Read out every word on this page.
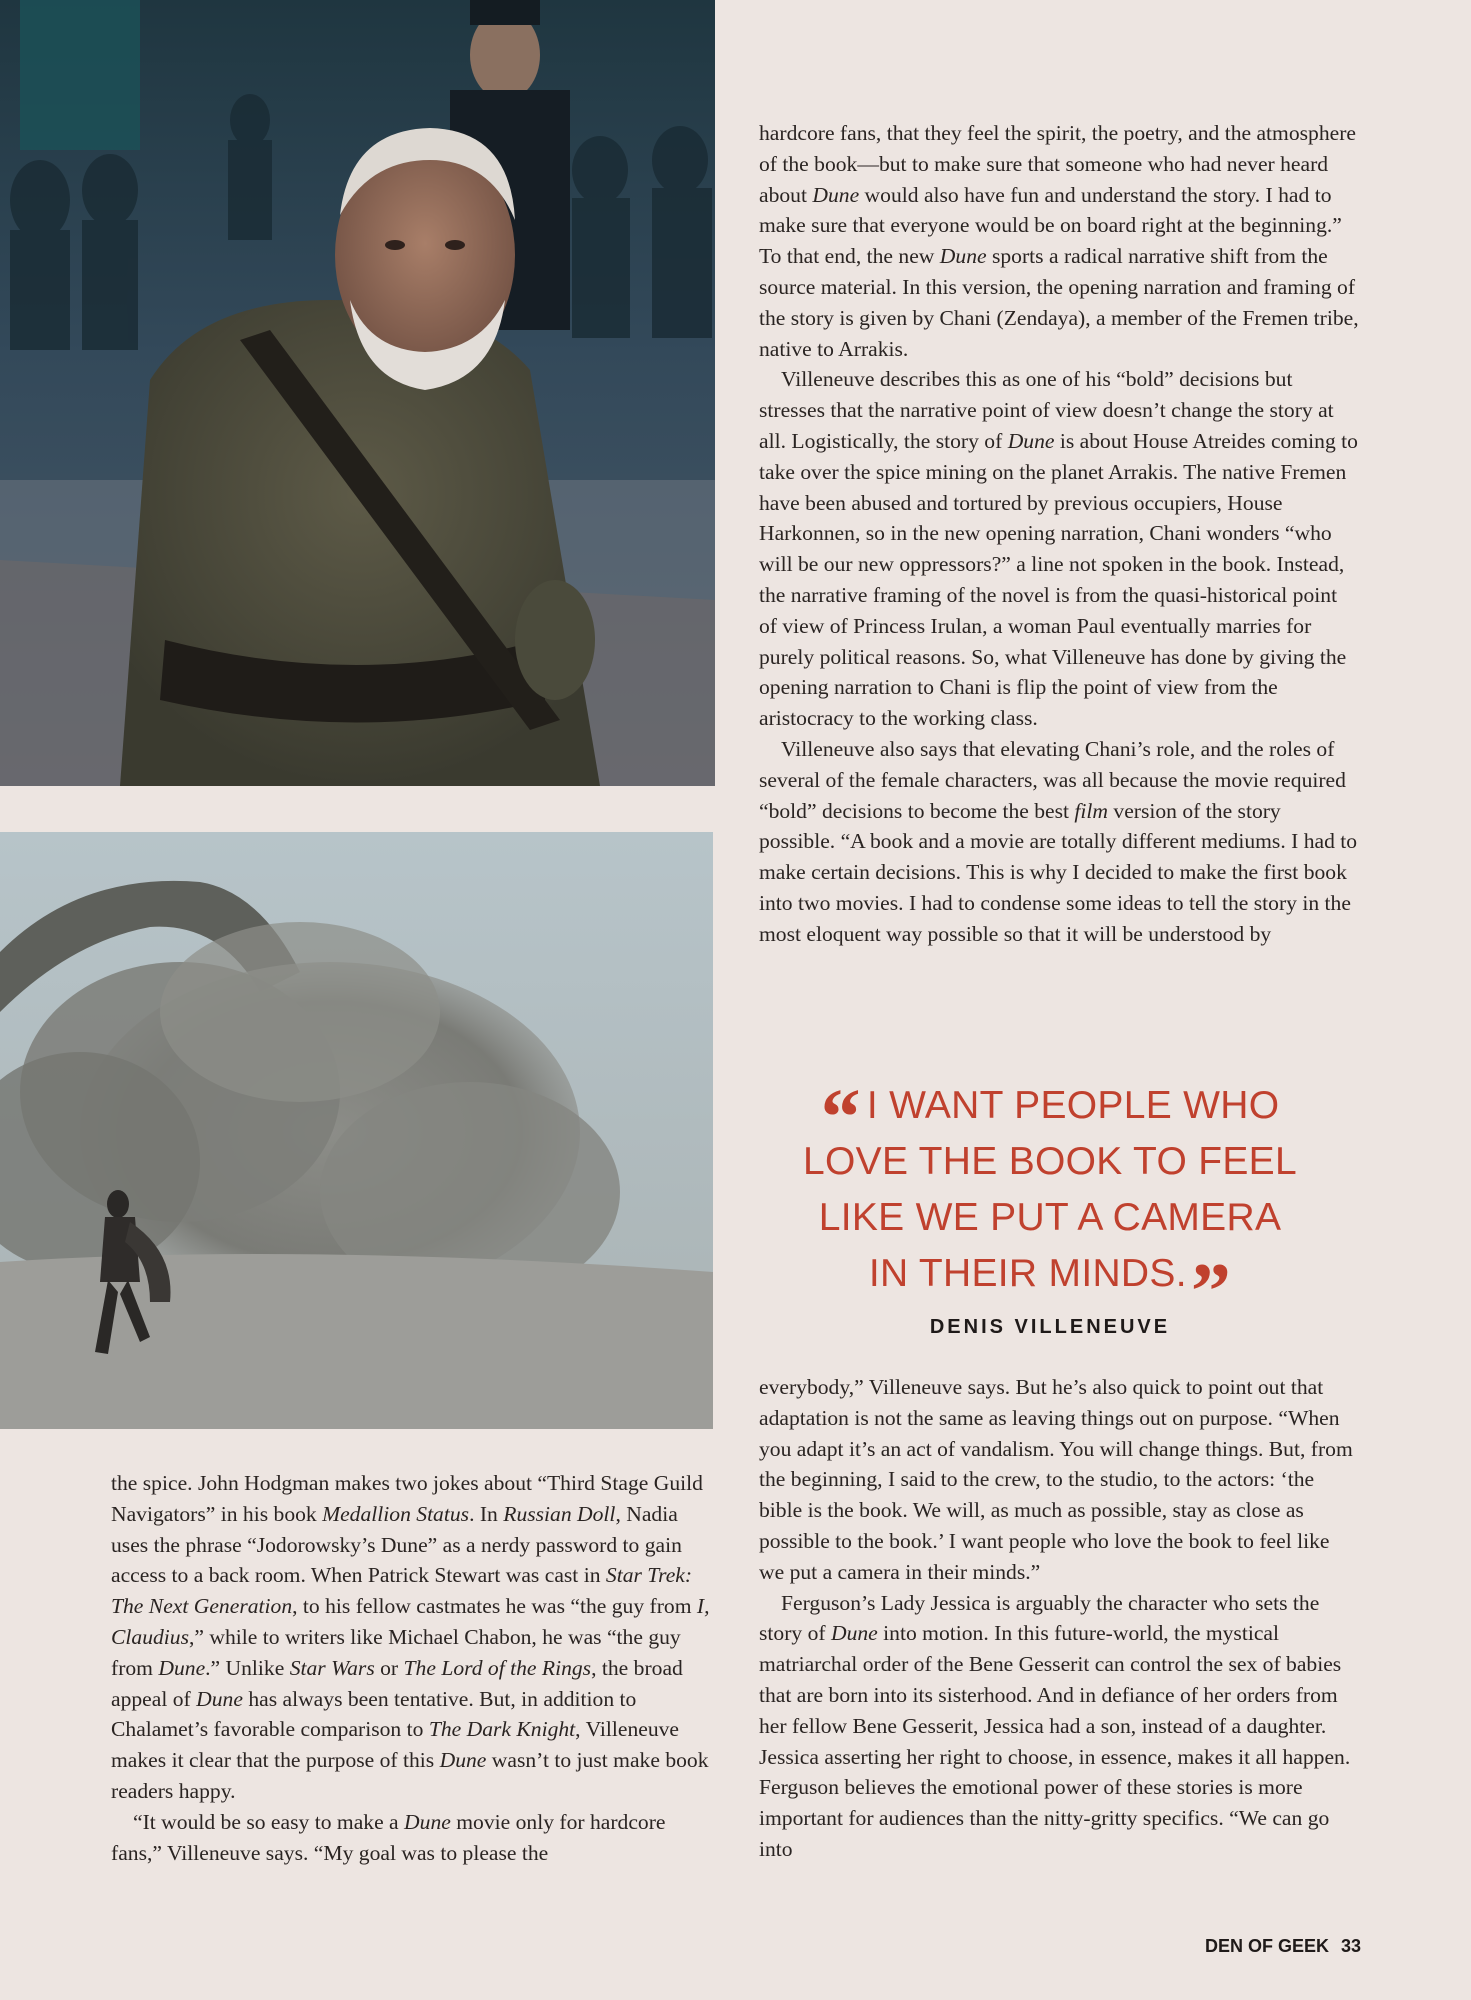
hardcore fans, that they feel the spirit, the poetry, and the atmosphere of the book—but to make sure that someone who had never heard about Dune would also have fun and understand the story. I had to make sure that everyone would be on board right at the beginning.” To that end, the new Dune sports a radical narrative shift from the source material. In this version, the opening narration and framing of the story is given by Chani (Zendaya), a member of the Fremen tribe, native to Arrakis.

Villeneuve describes this as one of his “bold” decisions but stresses that the narrative point of view doesn’t change the story at all. Logistically, the story of Dune is about House Atreides coming to take over the spice mining on the planet Arrakis. The native Fremen have been abused and tortured by previous occupiers, House Harkonnen, so in the new opening narration, Chani wonders “who will be our new oppressors?” a line not spoken in the book. Instead, the narrative framing of the novel is from the quasi-historical point of view of Princess Irulan, a woman Paul eventually marries for purely political reasons. So, what Villeneuve has done by giving the opening narration to Chani is flip the point of view from the aristocracy to the working class.

Villeneuve also says that elevating Chani’s role, and the roles of several of the female characters, was all because the movie required “bold” decisions to become the best film version of the story possible. “A book and a movie are totally different mediums. I had to make certain decisions. This is why I decided to make the first book into two movies. I had to condense some ideas to tell the story in the most eloquent way possible so that it will be understood by

“ I WANT PEOPLE WHO
LOVE THE BOOK TO FEEL
LIKE WE PUT A CAMERA
IN THEIR MINDS.”
DENIS VILLENEUVE

the spice. John Hodgman makes two jokes about “Third Stage Guild Navigators” in his book Medallion Status. In Russian Doll, Nadia uses the phrase “Jodorowsky’s Dune” as a nerdy password to gain access to a back room. When Patrick Stewart was cast in Star Trek: The Next Generation, to his fellow castmates he was “the guy from I, Claudius,” while to writers like Michael Chabon, he was “the guy from Dune.” Unlike Star Wars or The Lord of the Rings, the broad appeal of Dune has always been tentative. But, in addition to Chalamet’s favorable comparison to The Dark Knight, Villeneuve makes it clear that the purpose of this Dune wasn’t to just make book readers happy.

“It would be so easy to make a Dune movie only for hardcore fans,” Villeneuve says. “My goal was to please the

everybody,” Villeneuve says. But he’s also quick to point out that adaptation is not the same as leaving things out on purpose. “When you adapt it’s an act of vandalism. You will change things. But, from the beginning, I said to the crew, to the studio, to the actors: ‘the bible is the book. We will, as much as possible, stay as close as possible to the book.’ I want people who love the book to feel like we put a camera in their minds.”

Ferguson’s Lady Jessica is arguably the character who sets the story of Dune into motion. In this future-world, the mystical matriarchal order of the Bene Gesserit can control the sex of babies that are born into its sisterhood. And in defiance of her orders from her fellow Bene Gesserit, Jessica had a son, instead of a daughter. Jessica asserting her right to choose, in essence, makes it all happen. Ferguson believes the emotional power of these stories is more important for audiences than the nitty-gritty specifics. “We can go into

DEN OF GEEK 33
